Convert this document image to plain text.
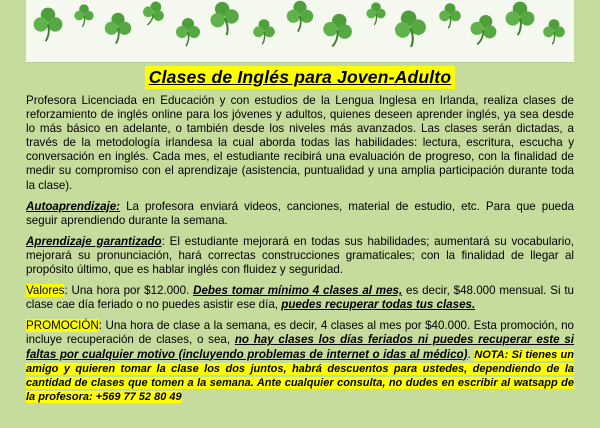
Clases de Inglés para Joven-Adulto

Profesora Licenciada en Educación y con estudios de la Lengua Inglesa en Irlanda, realiza clases de reforzamiento de inglés online para los jóvenes y adultos, quienes deseen aprender inglés, ya sea desde lo más básico en adelante, o también desde los niveles más avanzados. Las clases serán dictadas, a través de la metodología irlandesa la cual aborda todas las habilidades: lectura, escritura, escucha y conversación en inglés. Cada mes, el estudiante recibirá una evaluación de progreso, con la finalidad de medir su compromiso con el aprendizaje (asistencia, puntualidad y una amplia participación durante toda la clase).

Autoaprendizaje: La profesora enviará videos, canciones, material de estudio, etc. Para que pueda seguir aprendiendo durante la semana.

Aprendizaje garantizado: El estudiante mejorará en todas sus habilidades; aumentará su vocabulario, mejorará su pronunciación, hará correctas construcciones gramaticales; con la finalidad de llegar al propósito último, que es hablar inglés con fluidez y seguridad.

Valores: Una hora por $12.000. Debes tomar mínimo 4 clases al mes, es decir, $48.000 mensual. Si tu clase cae día feriado o no puedes asistir ese día, puedes recuperar todas tus clases.

PROMOCIÓN: Una hora de clase a la semana, es decir, 4 clases al mes por $40.000. Esta promoción, no incluye recuperación de clases, o sea, no hay clases los días feriados ni puedes recuperar este si faltas por cualquier motivo (incluyendo problemas de internet o idas al médico). NOTA: Si tienes un amigo y quieren tomar la clase los dos juntos, habrá descuentos para ustedes, dependiendo de la cantidad de clases que tomen a la semana. Ante cualquier consulta, no dudes en escribir al watsapp de la profesora: +569 77 52 80 49
